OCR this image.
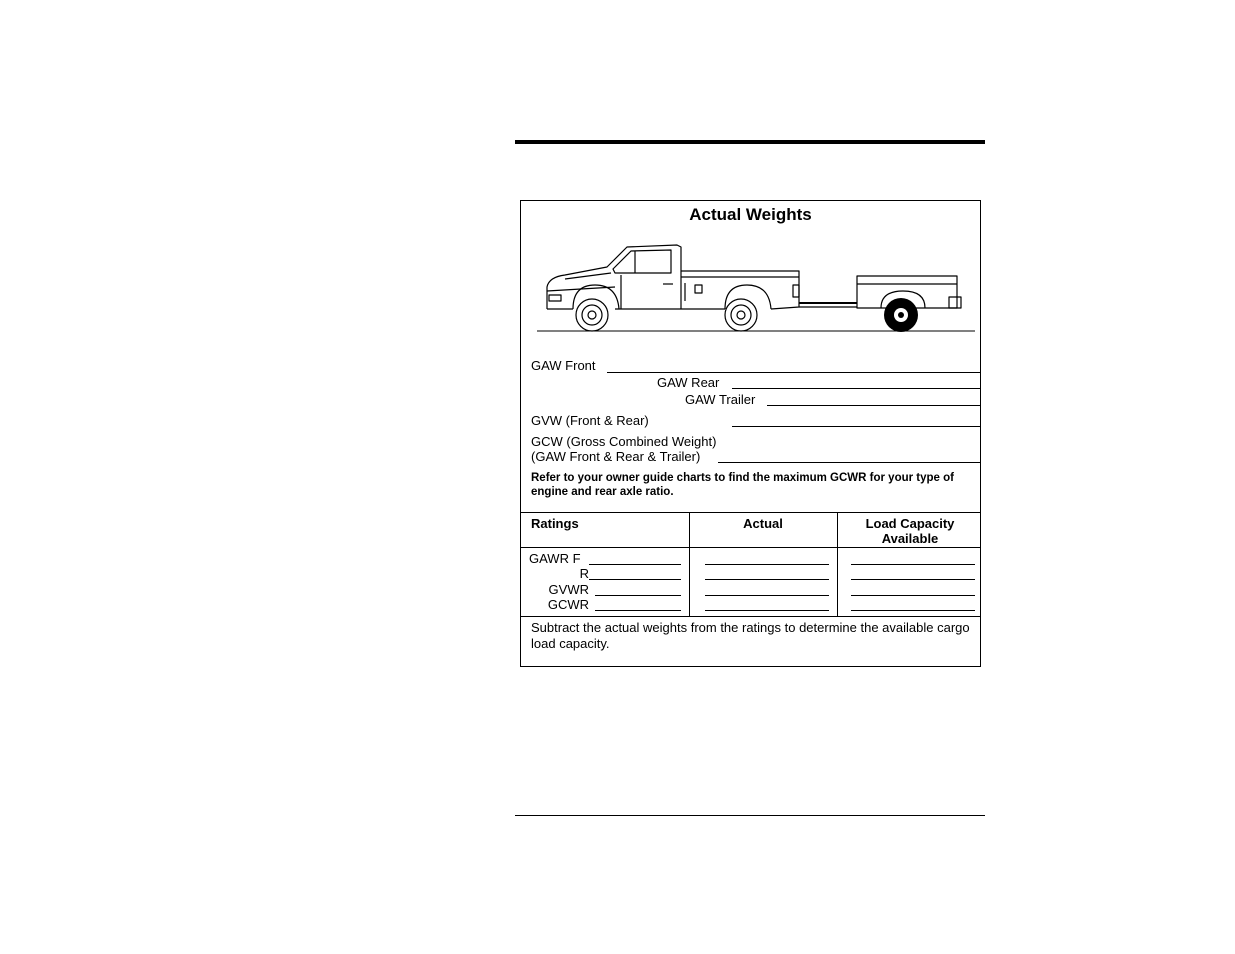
Actual Weights
GAW Front
GAW Rear
GAW Trailer
GVW (Front & Rear)
GCW (Gross Combined Weight)
(GAW Front & Rear & Trailer)

Refer to your owner guide charts to find the maximum GCWR for your type of engine and rear axle ratio.

Ratings	Actual	Load Capacity Available
GAWR F
R
GVWR
GCWR

Subtract the actual weights from the ratings to determine the available cargo load capacity.
